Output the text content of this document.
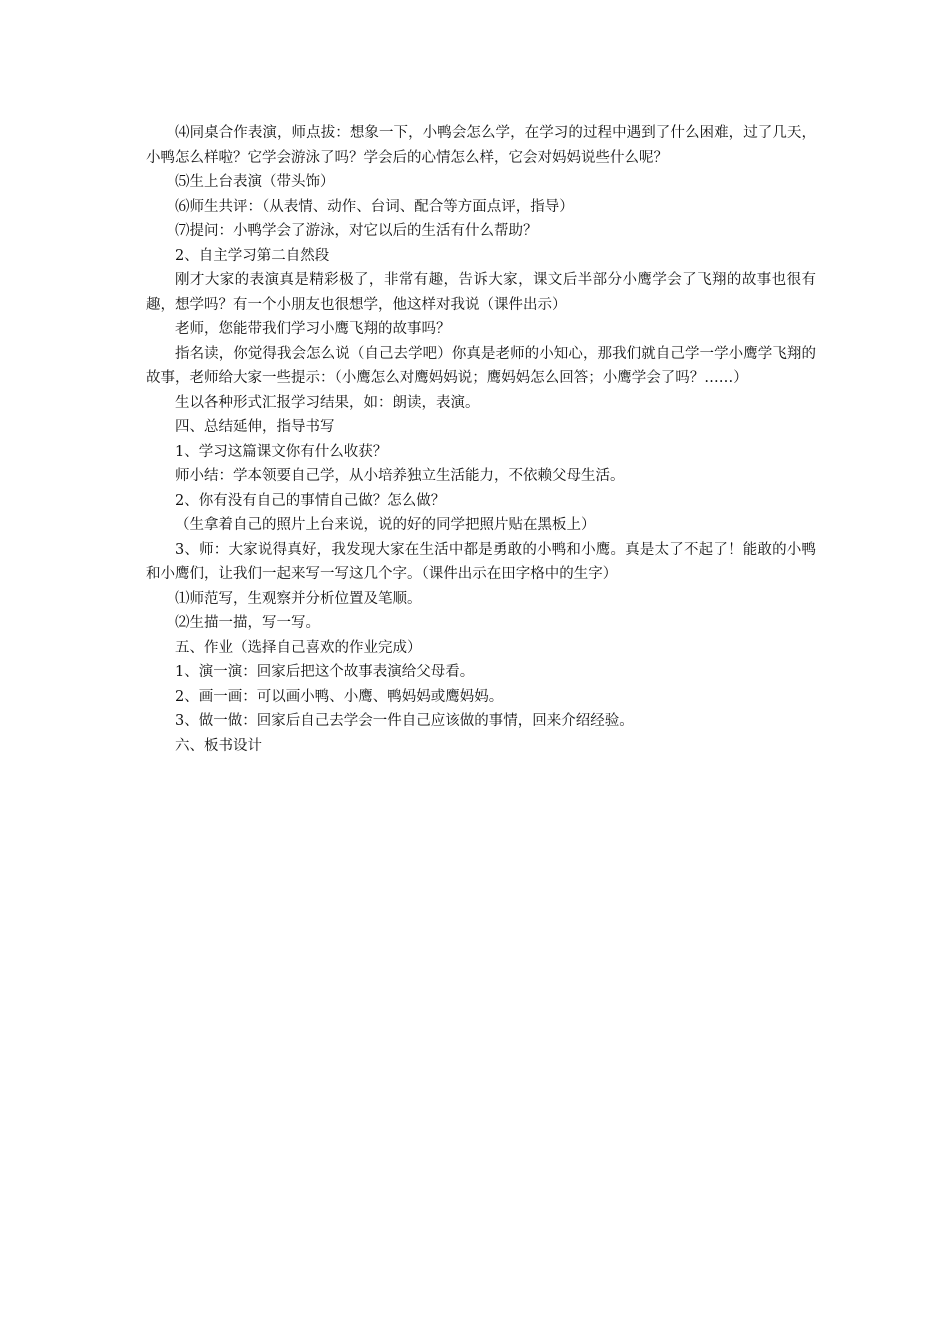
⑷同桌合作表演，师点拔：想象一下，小鸭会怎么学，在学习的过程中遇到了什么困难，过了几天，小鸭怎么样啦？它学会游泳了吗？学会后的心情怎么样，它会对妈妈说些什么呢？

⑸生上台表演（带头饰）

⑹师生共评：（从表情、动作、台词、配合等方面点评，指导）

⑺提问：小鸭学会了游泳，对它以后的生活有什么帮助？

2、自主学习第二自然段

刚才大家的表演真是精彩极了，非常有趣，告诉大家，课文后半部分小鹰学会了飞翔的故事也很有趣，想学吗？有一个小朋友也很想学，他这样对我说（课件出示）

老师，您能带我们学习小鹰飞翔的故事吗？

指名读，你觉得我会怎么说（自己去学吧）你真是老师的小知心，那我们就自己学一学小鹰学飞翔的故事，老师给大家一些提示：（小鹰怎么对鹰妈妈说；鹰妈妈怎么回答；小鹰学会了吗？……）

生以各种形式汇报学习结果，如：朗读，表演。

四、总结延伸，指导书写

1、学习这篇课文你有什么收获？

师小结：学本领要自己学，从小培养独立生活能力，不依赖父母生活。

2、你有没有自己的事情自己做？怎么做？

（生拿着自己的照片上台来说，说的好的同学把照片贴在黑板上）

3、师：大家说得真好，我发现大家在生活中都是勇敢的小鸭和小鹰。真是太了不起了！能敢的小鸭和小鹰们，让我们一起来写一写这几个字。（课件出示在田字格中的生字）

⑴师范写，生观察并分析位置及笔顺。

⑵生描一描，写一写。

五、作业（选择自己喜欢的作业完成）

1、演一演：回家后把这个故事表演给父母看。

2、画一画：可以画小鸭、小鹰、鸭妈妈或鹰妈妈。

3、做一做：回家后自己去学会一件自己应该做的事情，回来介绍经验。

六、板书设计
